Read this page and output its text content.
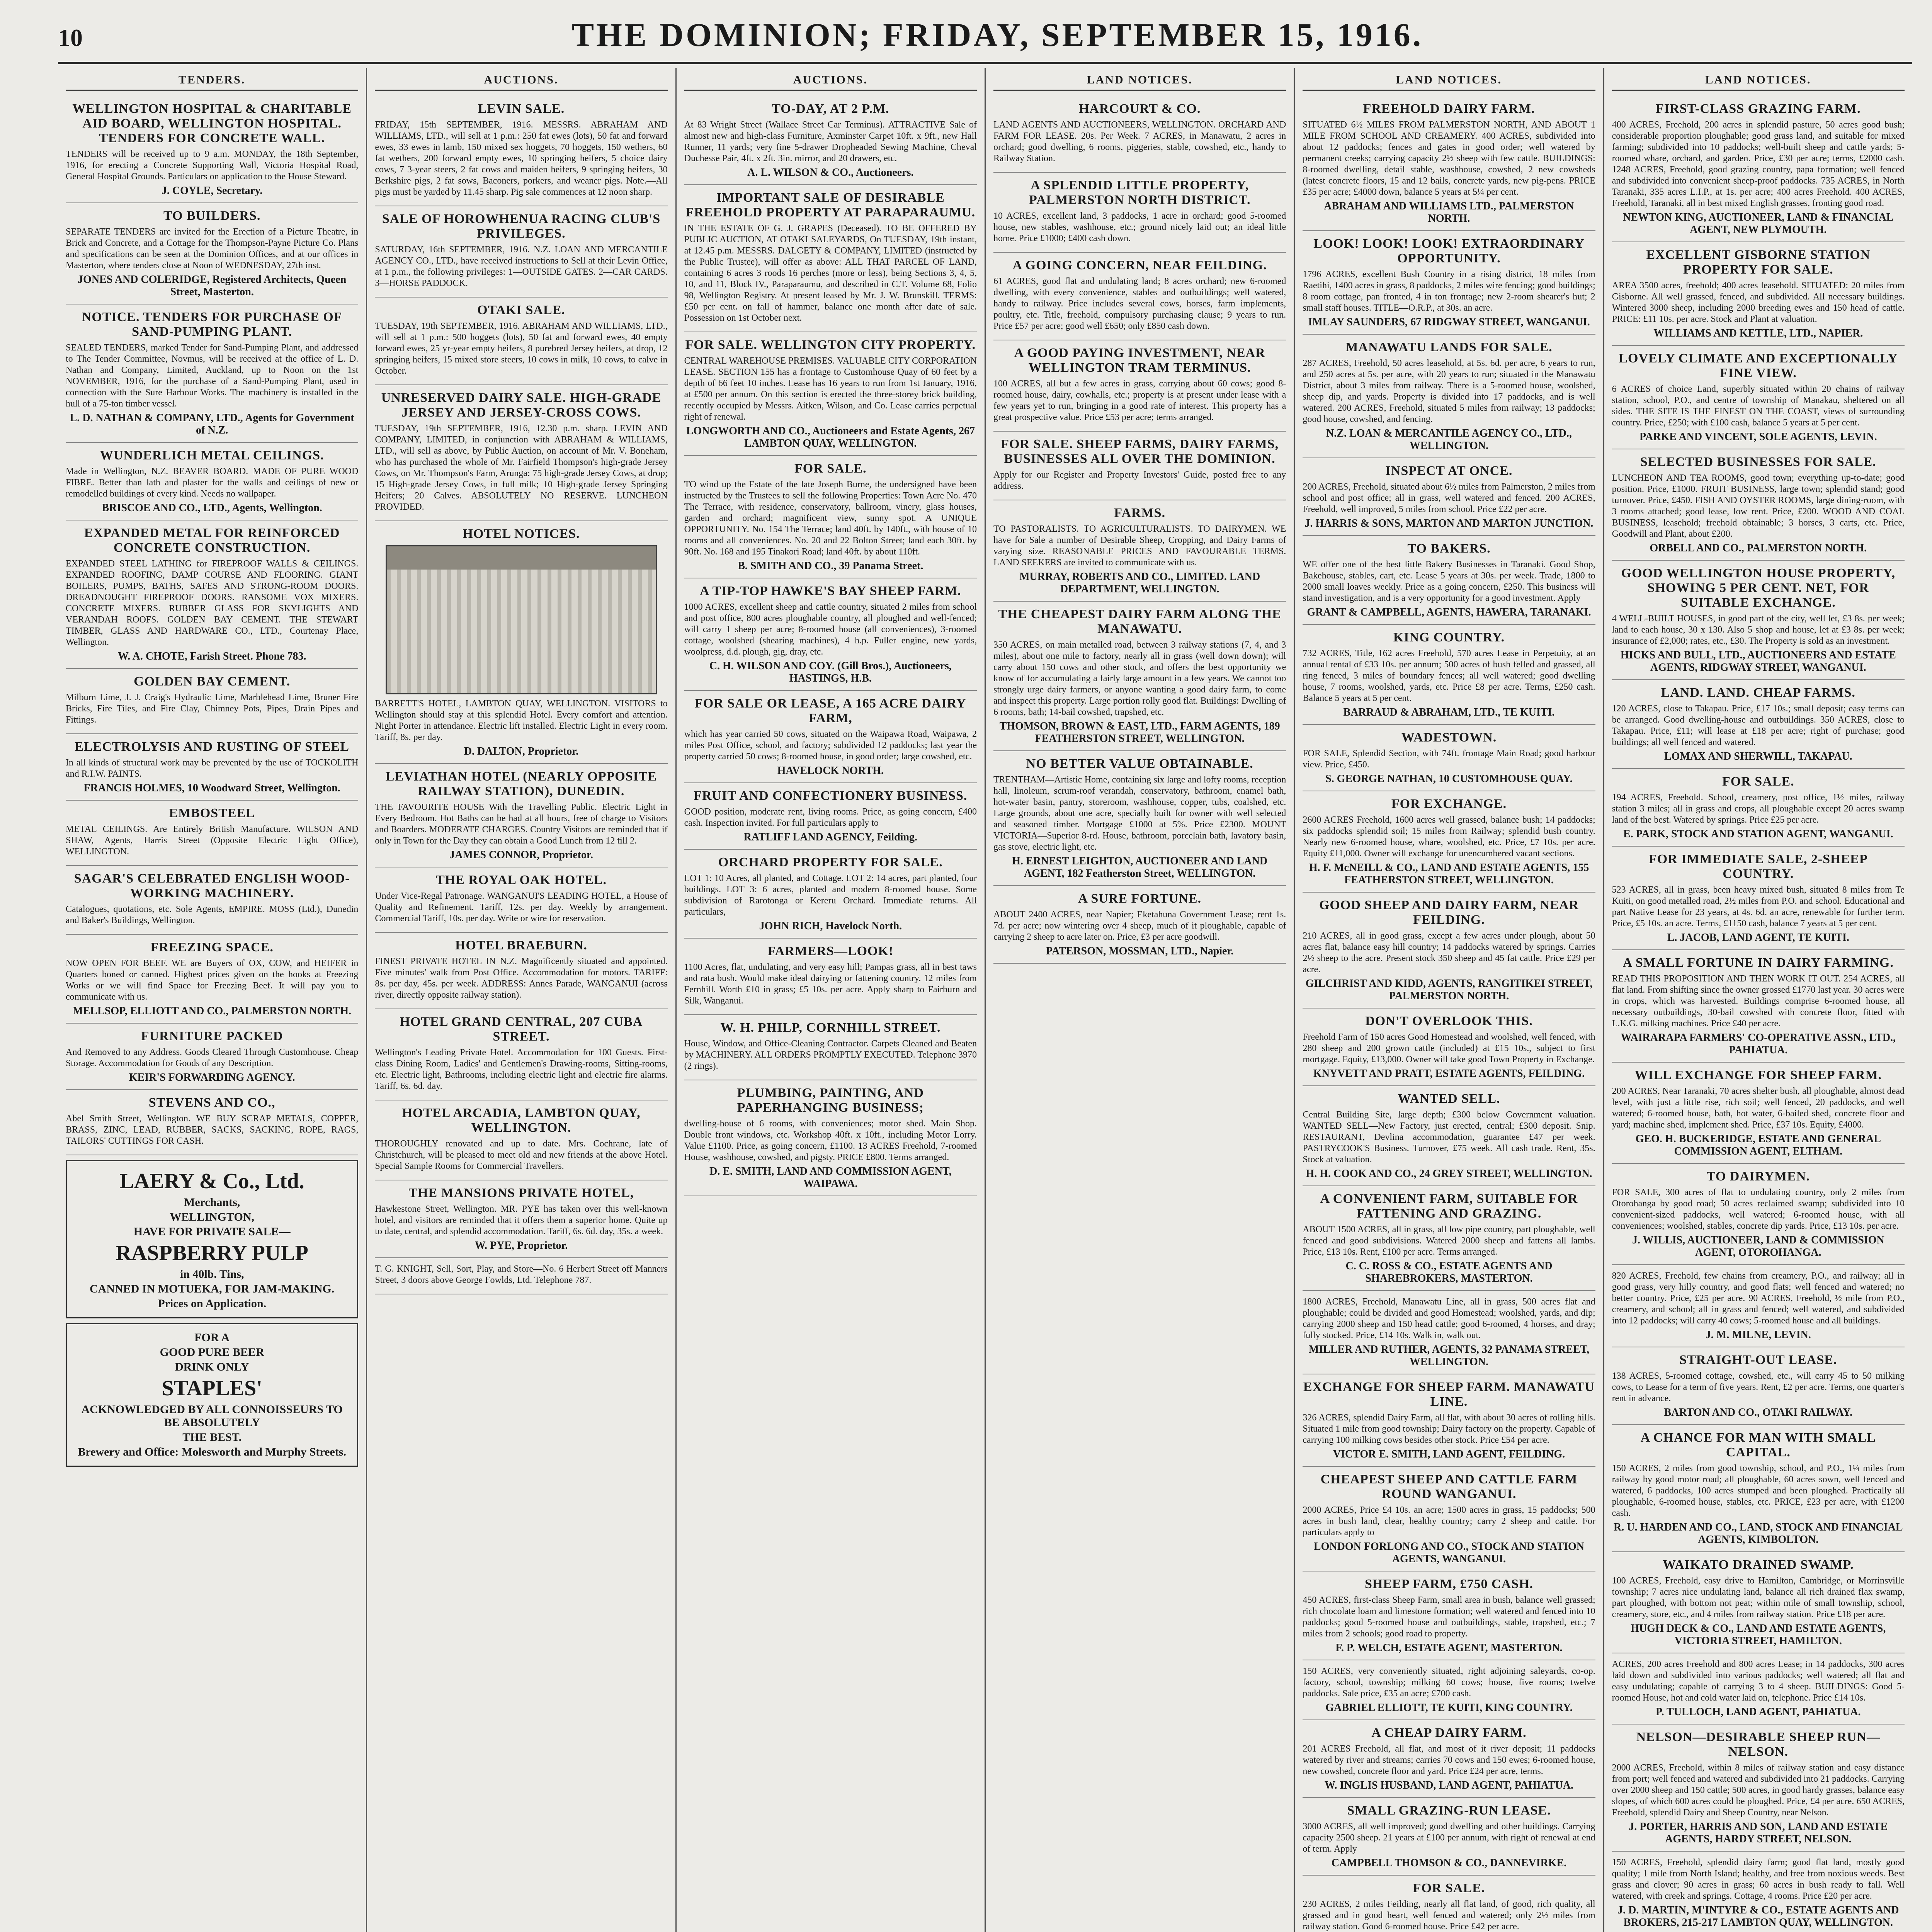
10	THE DOMINION; FRIDAY, SEPTEMBER 15, 1916.
TENDERS.
WELLINGTON HOSPITAL & CHARITABLE AID BOARD, WELLINGTON HOSPITAL. TENDERS FOR CONCRETE WALL.

TENDERS will be received up to 9 a.m. MONDAY, the 18th September, 1916, for erecting a Concrete Supporting Wall, Victoria Hospital Road, General Hospital Grounds. Particulars on application to the House Steward.

J. COYLE, Secretary.
TO BUILDERS.

SEPARATE TENDERS are invited for the Erection of a Picture Theatre, in Brick and Concrete, and a Cottage for the Thompson-Payne Picture Co. Plans and specifications can be seen at the Dominion Offices, and at our offices in Masterton, where tenders close at Noon of WEDNESDAY, 27th inst.

JONES AND COLERIDGE, Registered Architects, Queen Street, Masterton.
NOTICE. TENDERS FOR PURCHASE OF SAND-PUMPING PLANT.

SEALED TENDERS, marked Tender for Sand-Pumping Plant, and addressed to The Tender Committee, Novmus, will be received at the office of L. D. Nathan and Company, Limited, Auckland, up to Noon on the 1st NOVEMBER, 1916, for the purchase of a Sand-Pumping Plant, used in connection with the Sure Harbour Works. The machinery is installed in the hull of a 75-ton timber vessel.

L. D. NATHAN & COMPANY, LTD., Agents for Government of N.Z.
WUNDERLICH METAL CEILINGS.

Made in Wellington, N.Z. BEAVER BOARD. MADE OF PURE WOOD FIBRE. Better than lath and plaster for the walls and ceilings of new or remodelled buildings of every kind. Needs no wallpaper.

BRISCOE AND CO., LTD., Agents, Wellington.
EXPANDED METAL FOR REINFORCED CONCRETE CONSTRUCTION.

EXPANDED STEEL LATHING for FIREPROOF WALLS & CEILINGS. EXPANDED ROOFING, DAMP COURSE AND FLOORING. GIANT BOILERS, PUMPS, BATHS, SAFES AND STRONG-ROOM DOORS. DREADNOUGHT FIREPROOF DOORS. RANSOME VOX MIXERS. CONCRETE MIXERS. RUBBER GLASS FOR SKYLIGHTS AND VERANDAH ROOFS. GOLDEN BAY CEMENT. THE STEWART TIMBER, GLASS AND HARDWARE CO., LTD., Courtenay Place, Wellington.

W. A. CHOTE, Farish Street. Phone 783.
GOLDEN BAY CEMENT.

Milburn Lime, J. J. Craig's Hydraulic Lime, Marblehead Lime, Bruner Fire Bricks, Fire Tiles, and Fire Clay, Chimney Pots, Pipes, Drain Pipes and Fittings.

ELECTROLYSIS AND RUSTING OF STEEL

In all kinds of structural work may be prevented by the use of TOCKOLITH and R.I.W. PAINTS.

FRANCIS HOLMES, 10 Woodward Street, Wellington.
EMBOSTEEL

METAL CEILINGS. Are Entirely British Manufacture. WILSON AND SHAW, Agents, Harris Street (Opposite Electric Light Office), WELLINGTON.

SAGAR'S CELEBRATED ENGLISH WOOD-WORKING MACHINERY.

Catalogues, quotations, etc. Sole Agents, EMPIRE. MOSS (Ltd.), Dunedin and Baker's Buildings, Wellington.

FREEZING SPACE.

NOW OPEN FOR BEEF. WE are Buyers of OX, COW, and HEIFER in Quarters boned or canned. Highest prices given on the hooks at Freezing Works or we will find Space for Freezing Beef. It will pay you to communicate with us.

MELLSOP, ELLIOTT AND CO., PALMERSTON NORTH.
FURNITURE PACKED

And Removed to any Address. Goods Cleared Through Customhouse. Cheap Storage. Accommodation for Goods of any Description.

KEIR'S FORWARDING AGENCY.
STEVENS AND CO.,

Abel Smith Street, Wellington. WE BUY SCRAP METALS, COPPER, BRASS, ZINC, LEAD, RUBBER, SACKS, SACKING, ROPE, RAGS, TAILORS' CUTTINGS FOR CASH.

LAERY & Co., Ltd.
Merchants,
WELLINGTON,
HAVE FOR PRIVATE SALE—
RASPBERRY PULP
in 40lb. Tins,
CANNED IN MOTUEKA, FOR JAM-MAKING.
Prices on Application.
FOR A
GOOD PURE BEER
DRINK ONLY
STAPLES'
ACKNOWLEDGED BY ALL CONNOISSEURS TO BE ABSOLUTELY
THE BEST.
Brewery and Office: Molesworth and Murphy Streets.
AUCTIONS.
LEVIN SALE.

FRIDAY, 15th SEPTEMBER, 1916. MESSRS. ABRAHAM AND WILLIAMS, LTD., will sell at 1 p.m.: 250 fat ewes (lots), 50 fat and forward ewes, 33 ewes in lamb, 150 mixed sex hoggets, 70 hoggets, 150 wethers, 60 fat wethers, 200 forward empty ewes, 10 springing heifers, 5 choice dairy cows, 7 3-year steers, 2 fat cows and maiden heifers, 9 springing heifers, 30 Berkshire pigs, 2 fat sows, Baconers, porkers, and weaner pigs. Note.—All pigs must be yarded by 11.45 sharp. Pig sale commences at 12 noon sharp.

SALE OF HOROWHENUA RACING CLUB'S PRIVILEGES.

SATURDAY, 16th SEPTEMBER, 1916. N.Z. LOAN AND MERCANTILE AGENCY CO., LTD., have received instructions to Sell at their Levin Office, at 1 p.m., the following privileges: 1—OUTSIDE GATES. 2—CAR CARDS. 3—HORSE PADDOCK.

OTAKI SALE.

TUESDAY, 19th SEPTEMBER, 1916. ABRAHAM AND WILLIAMS, LTD., will sell at 1 p.m.: 500 hoggets (lots), 50 fat and forward ewes, 40 empty forward ewes, 25 yr-year empty heifers, 8 purebred Jersey heifers, at drop, 12 springing heifers, 15 mixed store steers, 10 cows in milk, 10 cows, to calve in October.

UNRESERVED DAIRY SALE. HIGH-GRADE JERSEY AND JERSEY-CROSS COWS.

TUESDAY, 19th SEPTEMBER, 1916, 12.30 p.m. sharp. LEVIN AND COMPANY, LIMITED, in conjunction with ABRAHAM & WILLIAMS, LTD., will sell as above, by Public Auction, on account of Mr. V. Boneham, who has purchased the whole of Mr. Fairfield Thompson's high-grade Jersey Cows, on Mr. Thompson's Farm, Arunga: 75 high-grade Jersey Cows, at drop; 15 High-grade Jersey Cows, in full milk; 10 High-grade Jersey Springing Heifers; 20 Calves. ABSOLUTELY NO RESERVE. LUNCHEON PROVIDED.

HOTEL NOTICES.

BARRETT'S HOTEL, LAMBTON QUAY, WELLINGTON. VISITORS to Wellington should stay at this splendid Hotel. Every comfort and attention. Night Porter in attendance. Electric lift installed. Electric Light in every room. Tariff, 8s. per day.

D. DALTON, Proprietor.
LEVIATHAN HOTEL (NEARLY OPPOSITE RAILWAY STATION), DUNEDIN.

THE FAVOURITE HOUSE With the Travelling Public. Electric Light in Every Bedroom. Hot Baths can be had at all hours, free of charge to Visitors and Boarders. MODERATE CHARGES. Country Visitors are reminded that if only in Town for the Day they can obtain a Good Lunch from 12 till 2.

JAMES CONNOR, Proprietor.
THE ROYAL OAK HOTEL.

Under Vice-Regal Patronage. WANGANUI'S LEADING HOTEL, a House of Quality and Refinement. Tariff, 12s. per day. Weekly by arrangement. Commercial Tariff, 10s. per day. Write or wire for reservation.

HOTEL BRAEBURN.

FINEST PRIVATE HOTEL IN N.Z. Magnificently situated and appointed. Five minutes' walk from Post Office. Accommodation for motors. TARIFF: 8s. per day, 45s. per week. ADDRESS: Annes Parade, WANGANUI (across river, directly opposite railway station).

HOTEL GRAND CENTRAL, 207 CUBA STREET.

Wellington's Leading Private Hotel. Accommodation for 100 Guests. First-class Dining Room, Ladies' and Gentlemen's Drawing-rooms, Sitting-rooms, etc. Electric light, Bathrooms, including electric light and electric fire alarms. Tariff, 6s. 6d. day.

HOTEL ARCADIA, LAMBTON QUAY, WELLINGTON.

THOROUGHLY renovated and up to date. Mrs. Cochrane, late of Christchurch, will be pleased to meet old and new friends at the above Hotel. Special Sample Rooms for Commercial Travellers.

THE MANSIONS PRIVATE HOTEL,

Hawkestone Street, Wellington. MR. PYE has taken over this well-known hotel, and visitors are reminded that it offers them a superior home. Quite up to date, central, and splendid accommodation. Tariff, 6s. 6d. day, 35s. a week.

W. PYE, Proprietor.

T. G. KNIGHT, Sell, Sort, Play, and Store—No. 6 Herbert Street off Manners Street, 3 doors above George Fowlds, Ltd. Telephone 787.

AUCTIONS.
TO-DAY, AT 2 P.M.

At 83 Wright Street (Wallace Street Car Terminus). ATTRACTIVE Sale of almost new and high-class Furniture, Axminster Carpet 10ft. x 9ft., new Hall Runner, 11 yards; very fine 5-drawer Dropheaded Sewing Machine, Cheval Duchesse Pair, 4ft. x 2ft. 3in. mirror, and 20 drawers, etc.

A. L. WILSON & CO., Auctioneers.
IMPORTANT SALE OF DESIRABLE FREEHOLD PROPERTY AT PARAPARAUMU.

IN THE ESTATE OF G. J. GRAPES (Deceased). TO BE OFFERED BY PUBLIC AUCTION, AT OTAKI SALEYARDS, On TUESDAY, 19th instant, at 12.45 p.m. MESSRS. DALGETY & COMPANY, LIMITED (instructed by the Public Trustee), will offer as above: ALL THAT PARCEL OF LAND, containing 6 acres 3 roods 16 perches (more or less), being Sections 3, 4, 5, 10, and 11, Block IV., Paraparaumu, and described in C.T. Volume 68, Folio 98, Wellington Registry. At present leased by Mr. J. W. Brunskill. TERMS: £50 per cent. on fall of hammer, balance one month after date of sale. Possession on 1st October next.

FOR SALE. WELLINGTON CITY PROPERTY.

CENTRAL WAREHOUSE PREMISES. VALUABLE CITY CORPORATION LEASE. SECTION 155 has a frontage to Customhouse Quay of 60 feet by a depth of 66 feet 10 inches. Lease has 16 years to run from 1st January, 1916, at £500 per annum. On this section is erected the three-storey brick building, recently occupied by Messrs. Aitken, Wilson, and Co. Lease carries perpetual right of renewal.

LONGWORTH AND CO., Auctioneers and Estate Agents, 267 LAMBTON QUAY, WELLINGTON.
FOR SALE.

TO wind up the Estate of the late Joseph Burne, the undersigned have been instructed by the Trustees to sell the following Properties: Town Acre No. 470 The Terrace, with residence, conservatory, ballroom, vinery, glass houses, garden and orchard; magnificent view, sunny spot. A UNIQUE OPPORTUNITY. No. 154 The Terrace; land 40ft. by 140ft., with house of 10 rooms and all conveniences. No. 20 and 22 Bolton Street; land each 30ft. by 90ft. No. 168 and 195 Tinakori Road; land 40ft. by about 110ft.

B. SMITH AND CO., 39 Panama Street.
A TIP-TOP HAWKE'S BAY SHEEP FARM.

1000 ACRES, excellent sheep and cattle country, situated 2 miles from school and post office, 800 acres ploughable country, all ploughed and well-fenced; will carry 1 sheep per acre; 8-roomed house (all conveniences), 3-roomed cottage, woolshed (shearing machines), 4 h.p. Fuller engine, new yards, woolpress, d.d. plough, gig, dray, etc.

C. H. WILSON AND COY. (Gill Bros.), Auctioneers, HASTINGS, H.B.
FOR SALE OR LEASE, A 165 ACRE DAIRY FARM,

which has year carried 50 cows, situated on the Waipawa Road, Waipawa, 2 miles Post Office, school, and factory; subdivided 12 paddocks; last year the property carried 50 cows; 8-roomed house, in good order; large cowshed, etc.

HAVELOCK NORTH.
FRUIT AND CONFECTIONERY BUSINESS.

GOOD position, moderate rent, living rooms. Price, as going concern, £400 cash. Inspection invited. For full particulars apply to

RATLIFF LAND AGENCY, Feilding.
ORCHARD PROPERTY FOR SALE.

LOT 1: 10 Acres, all planted, and Cottage. LOT 2: 14 acres, part planted, four buildings. LOT 3: 6 acres, planted and modern 8-roomed house. Some subdivision of Rarotonga or Kereru Orchard. Immediate returns. All particulars,

JOHN RICH, Havelock North.
FARMERS—LOOK!

1100 Acres, flat, undulating, and very easy hill; Pampas grass, all in best taws and rata bush. Would make ideal dairying or fattening country. 12 miles from Fernhill. Worth £10 in grass; £5 10s. per acre. Apply sharp to Fairburn and Silk, Wanganui.

W. H. PHILP, CORNHILL STREET.

House, Window, and Office-Cleaning Contractor. Carpets Cleaned and Beaten by MACHINERY. ALL ORDERS PROMPTLY EXECUTED. Telephone 3970 (2 rings).

PLUMBING, PAINTING, AND PAPERHANGING BUSINESS;

dwelling-house of 6 rooms, with conveniences; motor shed. Main Shop. Double front windows, etc. Workshop 40ft. x 10ft., including Motor Lorry. Value £1100. Price, as going concern, £1100. 13 ACRES Freehold, 7-roomed House, washhouse, cowshed, and pigsty. PRICE £800. Terms arranged.

D. E. SMITH, LAND AND COMMISSION AGENT, WAIPAWA.
LAND NOTICES.
HARCOURT & CO.

LAND AGENTS AND AUCTIONEERS, WELLINGTON. ORCHARD AND FARM FOR LEASE. 20s. Per Week. 7 ACRES, in Manawatu, 2 acres in orchard; good dwelling, 6 rooms, piggeries, stable, cowshed, etc., handy to Railway Station.

A SPLENDID LITTLE PROPERTY, PALMERSTON NORTH DISTRICT.

10 ACRES, excellent land, 3 paddocks, 1 acre in orchard; good 5-roomed house, new stables, washhouse, etc.; ground nicely laid out; an ideal little home. Price £1000; £400 cash down.

A GOING CONCERN, NEAR FEILDING.

61 ACRES, good flat and undulating land; 8 acres orchard; new 6-roomed dwelling, with every convenience, stables and outbuildings; well watered, handy to railway. Price includes several cows, horses, farm implements, poultry, etc. Title, freehold, compulsory purchasing clause; 9 years to run. Price £57 per acre; good well £650; only £850 cash down.

A GOOD PAYING INVESTMENT, NEAR WELLINGTON TRAM TERMINUS.

100 ACRES, all but a few acres in grass, carrying about 60 cows; good 8-roomed house, dairy, cowhalls, etc.; property is at present under lease with a few years yet to run, bringing in a good rate of interest. This property has a great prospective value. Price £53 per acre; terms arranged.

FOR SALE. SHEEP FARMS, DAIRY FARMS, BUSINESSES ALL OVER THE DOMINION.

Apply for our Register and Property Investors' Guide, posted free to any address.

FARMS.

TO PASTORALISTS. TO AGRICULTURALISTS. TO DAIRYMEN. WE have for Sale a number of Desirable Sheep, Cropping, and Dairy Farms of varying size. REASONABLE PRICES AND FAVOURABLE TERMS. LAND SEEKERS are invited to communicate with us.

MURRAY, ROBERTS AND CO., LIMITED. LAND DEPARTMENT, WELLINGTON.
THE CHEAPEST DAIRY FARM ALONG THE MANAWATU.

350 ACRES, on main metalled road, between 3 railway stations (7, 4, and 3 miles), about one mile to factory, nearly all in grass (well down down); will carry about 150 cows and other stock, and offers the best opportunity we know of for accumulating a fairly large amount in a few years. We cannot too strongly urge dairy farmers, or anyone wanting a good dairy farm, to come and inspect this property. Large portion rolly good flat. Buildings: Dwelling of 6 rooms, bath; 14-bail cowshed, trapshed, etc.

THOMSON, BROWN & EAST, LTD., FARM AGENTS, 189 FEATHERSTON STREET, WELLINGTON.
NO BETTER VALUE OBTAINABLE.

TRENTHAM—Artistic Home, containing six large and lofty rooms, reception hall, linoleum, scrum-roof verandah, conservatory, bathroom, enamel bath, hot-water basin, pantry, storeroom, washhouse, copper, tubs, coalshed, etc. Large grounds, about one acre, specially built for owner with well selected and seasoned timber. Mortgage £1000 at 5%. Price £2300. MOUNT VICTORIA—Superior 8-rd. House, bathroom, porcelain bath, lavatory basin, gas stove, electric light, etc.

H. ERNEST LEIGHTON, AUCTIONEER AND LAND AGENT, 182 Featherston Street, WELLINGTON.
A SURE FORTUNE.

ABOUT 2400 ACRES, near Napier; Eketahuna Government Lease; rent 1s. 7d. per acre; now wintering over 4 sheep, much of it ploughable, capable of carrying 2 sheep to acre later on. Price, £3 per acre goodwill.

PATERSON, MOSSMAN, LTD., Napier.
LAND NOTICES.
FREEHOLD DAIRY FARM.

SITUATED 6½ MILES FROM PALMERSTON NORTH, AND ABOUT 1 MILE FROM SCHOOL AND CREAMERY. 400 ACRES, subdivided into about 12 paddocks; fences and gates in good order; well watered by permanent creeks; carrying capacity 2½ sheep with few cattle. BUILDINGS: 8-roomed dwelling, detail stable, washhouse, cowshed, 2 new cowsheds (latest concrete floors, 15 and 12 bails, concrete yards, new pig-pens. PRICE £35 per acre; £4000 down, balance 5 years at 5¼ per cent.

ABRAHAM AND WILLIAMS LTD., PALMERSTON NORTH.
LOOK! LOOK! LOOK! EXTRAORDINARY OPPORTUNITY.

1796 ACRES, excellent Bush Country in a rising district, 18 miles from Raetihi, 1400 acres in grass, 8 paddocks, 2 miles wire fencing; good buildings; 8 room cottage, pan fronted, 4 in ton frontage; new 2-room shearer's hut; 2 small staff houses. TITLE—O.R.P., at 30s. an acre.

IMLAY SAUNDERS, 67 RIDGWAY STREET, WANGANUI.
MANAWATU LANDS FOR SALE.

287 ACRES, Freehold, 50 acres leasehold, at 5s. 6d. per acre, 6 years to run, and 250 acres at 5s. per acre, with 20 years to run; situated in the Manawatu District, about 3 miles from railway. There is a 5-roomed house, woolshed, sheep dip, and yards. Property is divided into 17 paddocks, and is well watered. 200 ACRES, Freehold, situated 5 miles from railway; 13 paddocks; good house, cowshed, and fencing.

N.Z. LOAN & MERCANTILE AGENCY CO., LTD., WELLINGTON.
INSPECT AT ONCE.

200 ACRES, Freehold, situated about 6½ miles from Palmerston, 2 miles from school and post office; all in grass, well watered and fenced. 200 ACRES, Freehold, well improved, 5 miles from school. Price £22 per acre.

J. HARRIS & SONS, MARTON AND MARTON JUNCTION.
TO BAKERS.

WE offer one of the best little Bakery Businesses in Taranaki. Good Shop, Bakehouse, stables, cart, etc. Lease 5 years at 30s. per week. Trade, 1800 to 2000 small loaves weekly. Price as a going concern, £250. This business will stand investigation, and is a very opportunity for a good investment. Apply

GRANT & CAMPBELL, AGENTS, HAWERA, TARANAKI.
KING COUNTRY.

732 ACRES, Title, 162 acres Freehold, 570 acres Lease in Perpetuity, at an annual rental of £33 10s. per annum; 500 acres of bush felled and grassed, all ring fenced, 3 miles of boundary fences; all well watered; good dwelling house, 7 rooms, woolshed, yards, etc. Price £8 per acre. Terms, £250 cash. Balance 5 years at 5 per cent.

BARRAUD & ABRAHAM, LTD., TE KUITI.
WADESTOWN.

FOR SALE, Splendid Section, with 74ft. frontage Main Road; good harbour view. Price, £450.

S. GEORGE NATHAN, 10 CUSTOMHOUSE QUAY.
FOR EXCHANGE.

2600 ACRES Freehold, 1600 acres well grassed, balance bush; 14 paddocks; six paddocks splendid soil; 15 miles from Railway; splendid bush country. Nearly new 6-roomed house, whare, woolshed, etc. Price, £7 10s. per acre. Equity £11,000. Owner will exchange for unencumbered vacant sections.

H. F. McNEILL & CO., LAND AND ESTATE AGENTS, 155 FEATHERSTON STREET, WELLINGTON.
GOOD SHEEP AND DAIRY FARM, NEAR FEILDING.

210 ACRES, all in good grass, except a few acres under plough, about 50 acres flat, balance easy hill country; 14 paddocks watered by springs. Carries 2½ sheep to the acre. Present stock 350 sheep and 45 fat cattle. Price £29 per acre.

GILCHRIST AND KIDD, AGENTS, RANGITIKEI STREET, PALMERSTON NORTH.
DON'T OVERLOOK THIS.

Freehold Farm of 150 acres Good Homestead and woolshed, well fenced, with 280 sheep and 200 grown cattle (included) at £15 10s., subject to first mortgage. Equity, £13,000. Owner will take good Town Property in Exchange.

KNYVETT AND PRATT, ESTATE AGENTS, FEILDING.
WANTED SELL.

Central Building Site, large depth; £300 below Government valuation. WANTED SELL—New Factory, just erected, central; £300 deposit. Snip. RESTAURANT, Devlina accommodation, guarantee £47 per week. PASTRYCOOK'S Business. Turnover, £75 week. All cash trade. Rent, 35s. Stock at valuation.

H. H. COOK AND CO., 24 GREY STREET, WELLINGTON.
A CONVENIENT FARM, SUITABLE FOR FATTENING AND GRAZING.

ABOUT 1500 ACRES, all in grass, all low pipe country, part ploughable, well fenced and good subdivisions. Watered 2000 sheep and fattens all lambs. Price, £13 10s. Rent, £100 per acre. Terms arranged.

C. C. ROSS & CO., ESTATE AGENTS AND SHAREBROKERS, MASTERTON.

1800 ACRES, Freehold, Manawatu Line, all in grass, 500 acres flat and ploughable; could be divided and good Homestead; woolshed, yards, and dip; carrying 2000 sheep and 150 head cattle; good 6-roomed, 4 horses, and dray; fully stocked. Price, £14 10s. Walk in, walk out.

MILLER AND RUTHER, AGENTS, 32 PANAMA STREET, WELLINGTON.
EXCHANGE FOR SHEEP FARM. MANAWATU LINE.

326 ACRES, splendid Dairy Farm, all flat, with about 30 acres of rolling hills. Situated 1 mile from good township; Dairy factory on the property. Capable of carrying 100 milking cows besides other stock. Price £54 per acre.

VICTOR E. SMITH, LAND AGENT, FEILDING.
CHEAPEST SHEEP AND CATTLE FARM ROUND WANGANUI.

2000 ACRES, Price £4 10s. an acre; 1500 acres in grass, 15 paddocks; 500 acres in bush land, clear, healthy country; carry 2 sheep and cattle. For particulars apply to

LONDON FORLONG AND CO., STOCK AND STATION AGENTS, WANGANUI.
SHEEP FARM, £750 CASH.

450 ACRES, first-class Sheep Farm, small area in bush, balance well grassed; rich chocolate loam and limestone formation; well watered and fenced into 10 paddocks; good 5-roomed house and outbuildings, stable, trapshed, etc.; 7 miles from 2 schools; good road to property.

F. P. WELCH, ESTATE AGENT, MASTERTON.

150 ACRES, very conveniently situated, right adjoining saleyards, co-op. factory, school, township; milking 60 cows; house, five rooms; twelve paddocks. Sale price, £35 an acre; £700 cash.

GABRIEL ELLIOTT, TE KUITI, KING COUNTRY.
A CHEAP DAIRY FARM.

201 ACRES Freehold, all flat, and most of it river deposit; 11 paddocks watered by river and streams; carries 70 cows and 150 ewes; 6-roomed house, new cowshed, concrete floor and yard. Price £24 per acre, terms.

W. INGLIS HUSBAND, LAND AGENT, PAHIATUA.
SMALL GRAZING-RUN LEASE.

3000 ACRES, all well improved; good dwelling and other buildings. Carrying capacity 2500 sheep. 21 years at £100 per annum, with right of renewal at end of term. Apply

CAMPBELL THOMSON & CO., DANNEVIRKE.
FOR SALE.

230 ACRES, 2 miles Feilding, nearly all flat land, of good, rich quality, all grassed and in good heart, well fenced and watered; only 2½ miles from railway station. Good 6-roomed house. Price £42 per acre.

LAND NOTICES.
FIRST-CLASS GRAZING FARM.

400 ACRES, Freehold, 200 acres in splendid pasture, 50 acres good bush; considerable proportion ploughable; good grass land, and suitable for mixed farming; subdivided into 10 paddocks; well-built sheep and cattle yards; 5-roomed whare, orchard, and garden. Price, £30 per acre; terms, £2000 cash. 1248 ACRES, Freehold, good grazing country, papa formation; well fenced and subdivided into convenient sheep-proof paddocks. 735 ACRES, in North Taranaki, 335 acres L.I.P., at 1s. per acre; 400 acres Freehold. 400 ACRES, Freehold, Taranaki, all in best mixed English grasses, fronting good road.

NEWTON KING, AUCTIONEER, LAND & FINANCIAL AGENT, NEW PLYMOUTH.
EXCELLENT GISBORNE STATION PROPERTY FOR SALE.

AREA 3500 acres, freehold; 400 acres leasehold. SITUATED: 20 miles from Gisborne. All well grassed, fenced, and subdivided. All necessary buildings. Wintered 3000 sheep, including 2000 breeding ewes and 150 head of cattle. PRICE: £11 10s. per acre. Stock and Plant at valuation.

WILLIAMS AND KETTLE, LTD., NAPIER.
LOVELY CLIMATE AND EXCEPTIONALLY FINE VIEW.

6 ACRES of choice Land, superbly situated within 20 chains of railway station, school, P.O., and centre of township of Manakau, sheltered on all sides. THE SITE IS THE FINEST ON THE COAST, views of surrounding country. Price, £250; with £100 cash, balance 5 years at 5 per cent.

PARKE AND VINCENT, SOLE AGENTS, LEVIN.
SELECTED BUSINESSES FOR SALE.

LUNCHEON AND TEA ROOMS, good town; everything up-to-date; good position. Price, £1000. FRUIT BUSINESS, large town; splendid stand; good turnover. Price, £450. FISH AND OYSTER ROOMS, large dining-room, with 3 rooms attached; good lease, low rent. Price, £200. WOOD AND COAL BUSINESS, leasehold; freehold obtainable; 3 horses, 3 carts, etc. Price, Goodwill and Plant, about £200.

ORBELL AND CO., PALMERSTON NORTH.
GOOD WELLINGTON HOUSE PROPERTY, SHOWING 5 PER CENT. NET, FOR SUITABLE EXCHANGE.

4 WELL-BUILT HOUSES, in good part of the city, well let, £3 8s. per week; land to each house, 30 x 130. Also 5 shop and house, let at £3 8s. per week; insurance of £2,000; rates, etc., £30. The Property is sold as an investment.

HICKS AND BULL, LTD., AUCTIONEERS AND ESTATE AGENTS, RIDGWAY STREET, WANGANUI.
LAND. LAND. CHEAP FARMS.

120 ACRES, close to Takapau. Price, £17 10s.; small deposit; easy terms can be arranged. Good dwelling-house and outbuildings. 350 ACRES, close to Takapau. Price, £11; will lease at £18 per acre; right of purchase; good buildings; all well fenced and watered.

LOMAX AND SHERWILL, TAKAPAU.
FOR SALE.

194 ACRES, Freehold. School, creamery, post office, 1½ miles, railway station 3 miles; all in grass and crops, all ploughable except 20 acres swamp land of the best. Watered by springs. Price £25 per acre.

E. PARK, STOCK AND STATION AGENT, WANGANUI.
FOR IMMEDIATE SALE, 2-SHEEP COUNTRY.

523 ACRES, all in grass, been heavy mixed bush, situated 8 miles from Te Kuiti, on good metalled road, 2½ miles from P.O. and school. Educational and part Native Lease for 23 years, at 4s. 6d. an acre, renewable for further term. Price, £5 10s. an acre. Terms, £1150 cash, balance 7 years at 5 per cent.

L. JACOB, LAND AGENT, TE KUITI.
A SMALL FORTUNE IN DAIRY FARMING.

READ THIS PROPOSITION AND THEN WORK IT OUT. 254 ACRES, all flat land. From shifting since the owner grossed £1770 last year. 30 acres were in crops, which was harvested. Buildings comprise 6-roomed house, all necessary outbuildings, 30-bail cowshed with concrete floor, fitted with L.K.G. milking machines. Price £40 per acre.

WAIRARAPA FARMERS' CO-OPERATIVE ASSN., LTD., PAHIATUA.
WILL EXCHANGE FOR SHEEP FARM.

200 ACRES, Near Taranaki, 70 acres shelter bush, all ploughable, almost dead level, with just a little rise, rich soil; well fenced, 20 paddocks, and well watered; 6-roomed house, bath, hot water, 6-bailed shed, concrete floor and yard; machine shed, implement shed. Price, £37 10s. Equity, £4000.

GEO. H. BUCKERIDGE, ESTATE AND GENERAL COMMISSION AGENT, ELTHAM.
TO DAIRYMEN.

FOR SALE, 300 acres of flat to undulating country, only 2 miles from Otorohanga by good road; 50 acres reclaimed swamp; subdivided into 10 convenient-sized paddocks, well watered; 6-roomed house, with all conveniences; woolshed, stables, concrete dip yards. Price, £13 10s. per acre.

J. WILLIS, AUCTIONEER, LAND & COMMISSION AGENT, OTOROHANGA.

820 ACRES, Freehold, few chains from creamery, P.O., and railway; all in good grass, very hilly country, and good flats; well fenced and watered; no better country. Price, £25 per acre. 90 ACRES, Freehold, ½ mile from P.O., creamery, and school; all in grass and fenced; well watered, and subdivided into 12 paddocks; will carry 40 cows; 5-roomed house and all buildings.

J. M. MILNE, LEVIN.
STRAIGHT-OUT LEASE.

138 ACRES, 5-roomed cottage, cowshed, etc., will carry 45 to 50 milking cows, to Lease for a term of five years. Rent, £2 per acre. Terms, one quarter's rent in advance.

BARTON AND CO., OTAKI RAILWAY.
A CHANCE FOR MAN WITH SMALL CAPITAL.

150 ACRES, 2 miles from good township, school, and P.O., 1¼ miles from railway by good motor road; all ploughable, 60 acres sown, well fenced and watered, 6 paddocks, 100 acres stumped and been ploughed. Practically all ploughable, 6-roomed house, stables, etc. PRICE, £23 per acre, with £1200 cash.

R. U. HARDEN AND CO., LAND, STOCK AND FINANCIAL AGENTS, KIMBOLTON.
WAIKATO DRAINED SWAMP.

100 ACRES, Freehold, easy drive to Hamilton, Cambridge, or Morrinsville township; 7 acres nice undulating land, balance all rich drained flax swamp, part ploughed, with bottom not peat; within mile of small township, school, creamery, store, etc., and 4 miles from railway station. Price £18 per acre.

HUGH DECK & CO., LAND AND ESTATE AGENTS, VICTORIA STREET, HAMILTON.

ACRES, 200 acres Freehold and 800 acres Lease; in 14 paddocks, 300 acres laid down and subdivided into various paddocks; well watered; all flat and easy undulating; capable of carrying 3 to 4 sheep. BUILDINGS: Good 5-roomed House, hot and cold water laid on, telephone. Price £14 10s.

P. TULLOCH, LAND AGENT, PAHIATUA.
NELSON—DESIRABLE SHEEP RUN—NELSON.

2000 ACRES, Freehold, within 8 miles of railway station and easy distance from port; well fenced and watered and subdivided into 21 paddocks. Carrying over 2000 sheep and 150 cattle; 500 acres, in good hardy grasses, balance easy slopes, of which 600 acres could be ploughed. Price, £4 per acre. 650 ACRES, Freehold, splendid Dairy and Sheep Country, near Nelson.

J. PORTER, HARRIS AND SON, LAND AND ESTATE AGENTS, HARDY STREET, NELSON.

150 ACRES, Freehold, splendid dairy farm; good flat land, mostly good quality; 1 mile from North Island; healthy, and free from noxious weeds. Best grass and clover; 90 acres in grass; 60 acres in bush ready to fall. Well watered, with creek and springs. Cottage, 4 rooms. Price £20 per acre.

J. D. MARTIN, M'INTYRE & CO., ESTATE AGENTS AND BROKERS, 215-217 LAMBTON QUAY, WELLINGTON.
